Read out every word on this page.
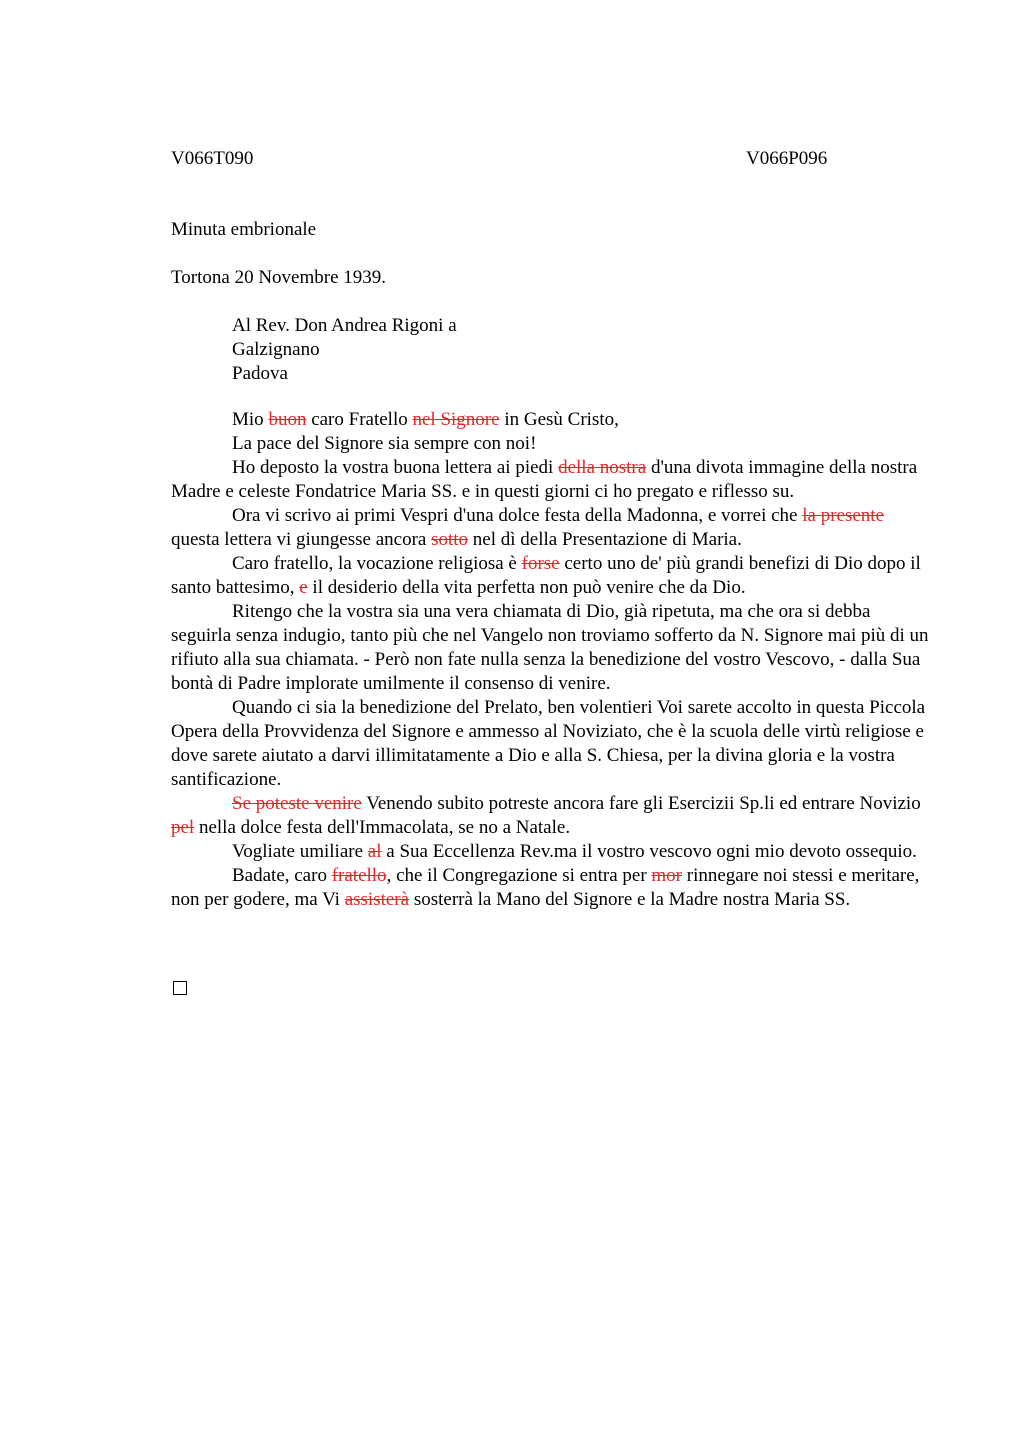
V066T090	V066P096
Minuta embrionale
Tortona 20 Novembre 1939.
Al Rev. Don Andrea Rigoni a
Galzignano
Padova

Mio buon caro Fratello nel Signore in Gesù Cristo,

La pace del Signore sia sempre con noi!

Ho deposto la vostra buona lettera ai piedi della nostra d'una divota immagine della nostra Madre e celeste Fondatrice Maria SS. e in questi giorni ci ho pregato e riflesso su.

Ora vi scrivo ai primi Vespri d'una dolce festa della Madonna, e vorrei che la presente questa lettera vi giungesse ancora sotto nel dì della Presentazione di Maria.

Caro fratello, la vocazione religiosa è forse certo uno de' più grandi benefizi di Dio dopo il santo battesimo, e il desiderio della vita perfetta non può venire che da Dio.

Ritengo che la vostra sia una vera chiamata di Dio, già ripetuta, ma che ora si debba seguirla senza indugio, tanto più che nel Vangelo non troviamo sofferto da N. Signore mai più di un rifiuto alla sua chiamata. - Però non fate nulla senza la benedizione del vostro Vescovo, - dalla Sua bontà di Padre implorate umilmente il consenso di venire.

Quando ci sia la benedizione del Prelato, ben volentieri Voi sarete accolto in questa Piccola Opera della Provvidenza del Signore e ammesso al Noviziato, che è la scuola delle virtù religiose e dove sarete aiutato a darvi illimitatamente a Dio e alla S. Chiesa, per la divina gloria e la vostra santificazione.

Se poteste venire Venendo subito potreste ancora fare gli Esercizii Sp.li ed entrare Novizio pel nella dolce festa dell'Immacolata, se no a Natale.

Vogliate umiliare al a Sua Eccellenza Rev.ma il vostro vescovo ogni mio devoto ossequio.

Badate, caro fratello, che il Congregazione si entra per mor rinnegare noi stessi e meritare, non per godere, ma Vi assisterà sosterrà la Mano del Signore e la Madre nostra Maria SS.
